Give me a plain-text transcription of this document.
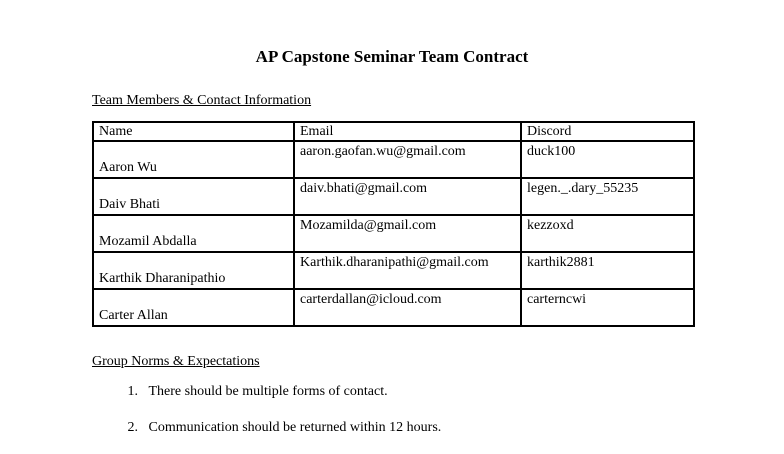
AP Capstone Seminar Team Contract
Team Members & Contact Information
Name	Email	Discord
Aaron Wu	aaron.gaofan.wu@gmail.com	duck100
Daiv Bhati	daiv.bhati@gmail.com	legen._.dary_55235
Mozamil Abdalla	Mozamilda@gmail.com	kezzoxd
Karthik Dharanipathio	Karthik.dharanipathi@gmail.com	karthik2881
Carter Allan	carterdallan@icloud.com	carterncwi
Group Norms & Expectations
1. There should be multiple forms of contact.
2. Communication should be returned within 12 hours.
